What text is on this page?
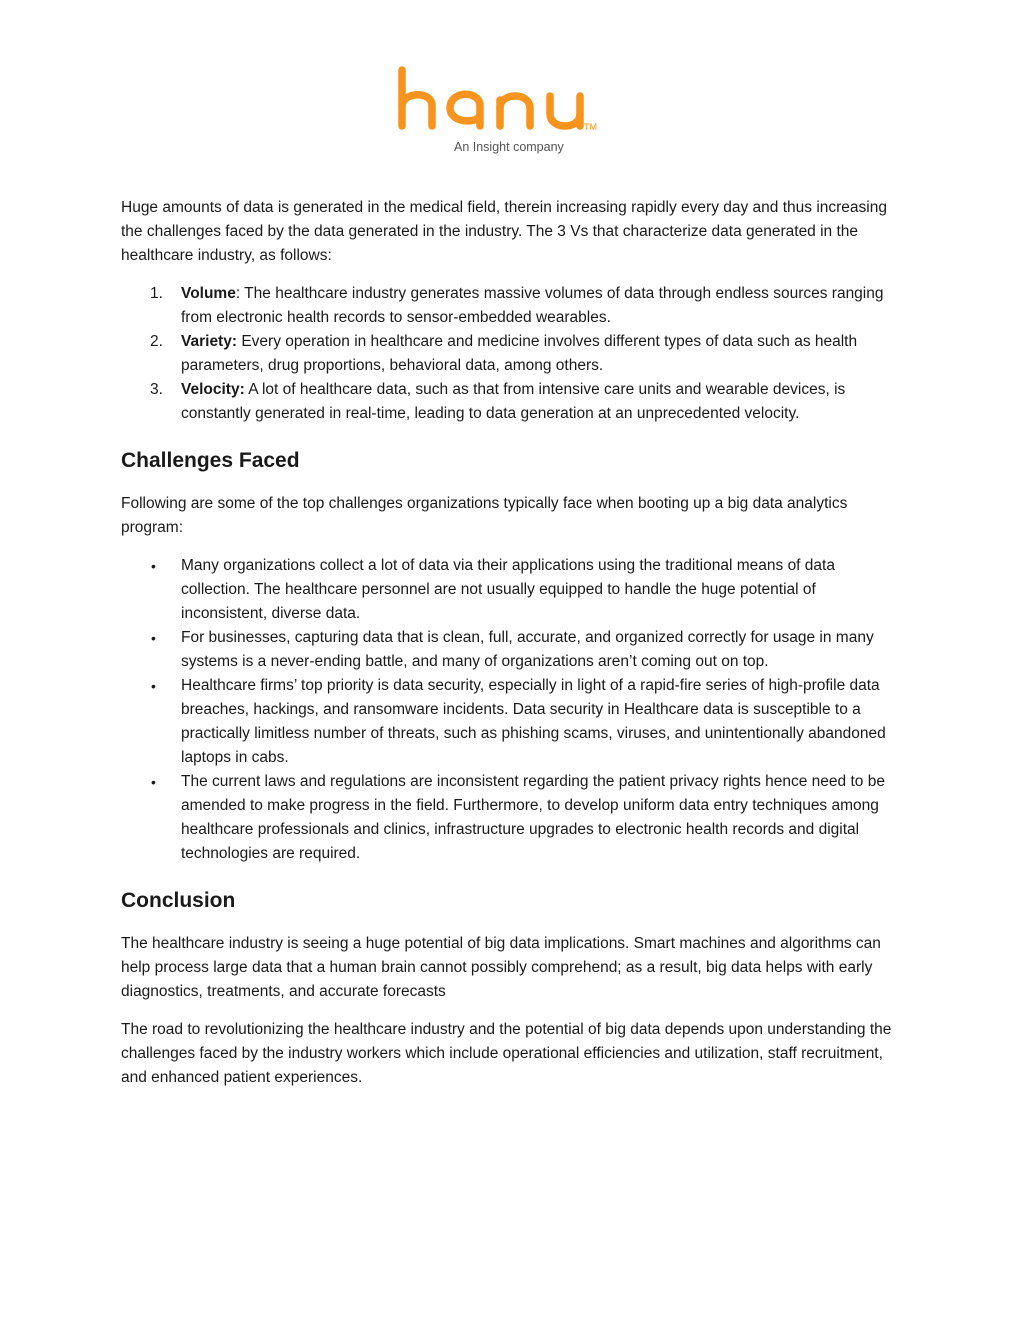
TM
An Insight company

Huge amounts of data is generated in the medical field, therein increasing rapidly every day and thus increasing the challenges faced by the data generated in the industry. The 3 Vs that characterize data generated in the healthcare industry, as follows:

1. Volume: The healthcare industry generates massive volumes of data through endless sources ranging from electronic health records to sensor-embedded wearables.
2. Variety: Every operation in healthcare and medicine involves different types of data such as health parameters, drug proportions, behavioral data, among others.
3. Velocity: A lot of healthcare data, such as that from intensive care units and wearable devices, is constantly generated in real-time, leading to data generation at an unprecedented velocity.
Challenges Faced

Following are some of the top challenges organizations typically face when booting up a big data analytics program:

• Many organizations collect a lot of data via their applications using the traditional means of data collection. The healthcare personnel are not usually equipped to handle the huge potential of inconsistent, diverse data.
• For businesses, capturing data that is clean, full, accurate, and organized correctly for usage in many systems is a never-ending battle, and many of organizations aren’t coming out on top.
• Healthcare firms’ top priority is data security, especially in light of a rapid-fire series of high-profile data breaches, hackings, and ransomware incidents. Data security in Healthcare data is susceptible to a practically limitless number of threats, such as phishing scams, viruses, and unintentionally abandoned laptops in cabs.
• The current laws and regulations are inconsistent regarding the patient privacy rights hence need to be amended to make progress in the field. Furthermore, to develop uniform data entry techniques among healthcare professionals and clinics, infrastructure upgrades to electronic health records and digital technologies are required.
Conclusion

The healthcare industry is seeing a huge potential of big data implications. Smart machines and algorithms can help process large data that a human brain cannot possibly comprehend; as a result, big data helps with early diagnostics, treatments, and accurate forecasts

The road to revolutionizing the healthcare industry and the potential of big data depends upon understanding the challenges faced by the industry workers which include operational efficiencies and utilization, staff recruitment, and enhanced patient experiences.
